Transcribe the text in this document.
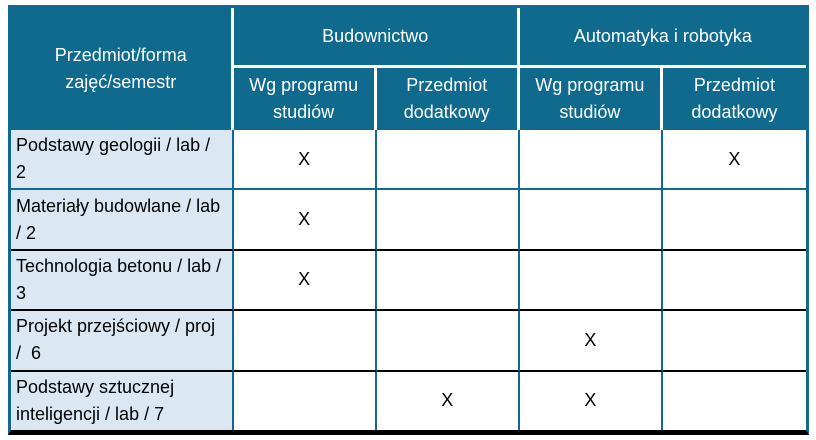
Przedmiot/forma zajęć/semestr	Budownictwo		Automatyka i robotyka	
	Wg programu studiów	Przedmiot dodatkowy	Wg programu studiów	Przedmiot dodatkowy
Podstawy geologii / lab / 2	X			X
Materiały budowlane / lab / 2	X			
Technologia betonu / lab / 3	X			
Projekt przejściowy / proj /  6			X	
Podstawy sztucznej inteligencji / lab / 7		X	X	
